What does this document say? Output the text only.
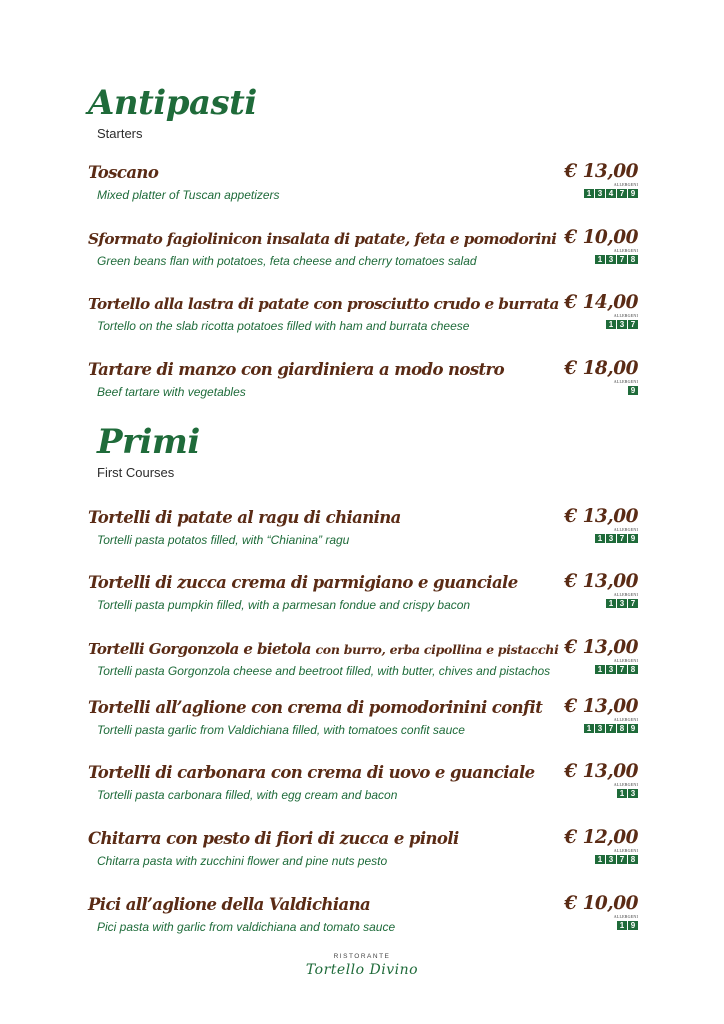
Antipasti
Starters
Toscano
Mixed platter of Tuscan appetizers
€ 13,00
ALLERGENI
1 3 4 7 9
Sformato fagiolinicon insalata di patate, feta e pomodorini
Green beans flan with potatoes, feta cheese and cherry tomatoes salad
€ 10,00
ALLERGENI
1 3 7 8
Tortello alla lastra di patate con prosciutto crudo e burrata
Tortello on the slab ricotta potatoes filled with ham and burrata cheese
€ 14,00
ALLERGENI
1 3 7
Tartare di manzo con giardiniera a modo nostro
Beef tartare with vegetables
€ 18,00
ALLERGENI
9
Primi
First Courses
Tortelli di patate al ragu di chianina
Tortelli pasta potatos filled, with “Chianina” ragu
€ 13,00
ALLERGENI
1 3 7 9
Tortelli di zucca crema di parmigiano e guanciale
Tortelli pasta pumpkin filled, with a parmesan fondue and crispy bacon
€ 13,00
ALLERGENI
1 3 7
Tortelli Gorgonzola e bietola con burro, erba cipollina e pistacchi
Tortelli pasta Gorgonzola cheese and beetroot filled, with butter, chives and pistachos
€ 13,00
ALLERGENI
1 3 7 8
Tortelli all’aglione con crema di pomodorinini confit
Tortelli pasta garlic from Valdichiana filled, with tomatoes confit sauce
€ 13,00
ALLERGENI
1 3 7 8 9
Tortelli di carbonara con crema di uovo e guanciale
Tortelli pasta carbonara filled, with egg cream and bacon
€ 13,00
ALLERGENI
1 3
Chitarra con pesto di fiori di zucca e pinoli
Chitarra pasta with zucchini flower and pine nuts pesto
€ 12,00
ALLERGENI
1 3 7 8
Pici all’aglione della Valdichiana
Pici pasta with garlic from valdichiana and tomato sauce
€ 10,00
ALLERGENI
1 9
RISTORANTE
Tortello Divino
